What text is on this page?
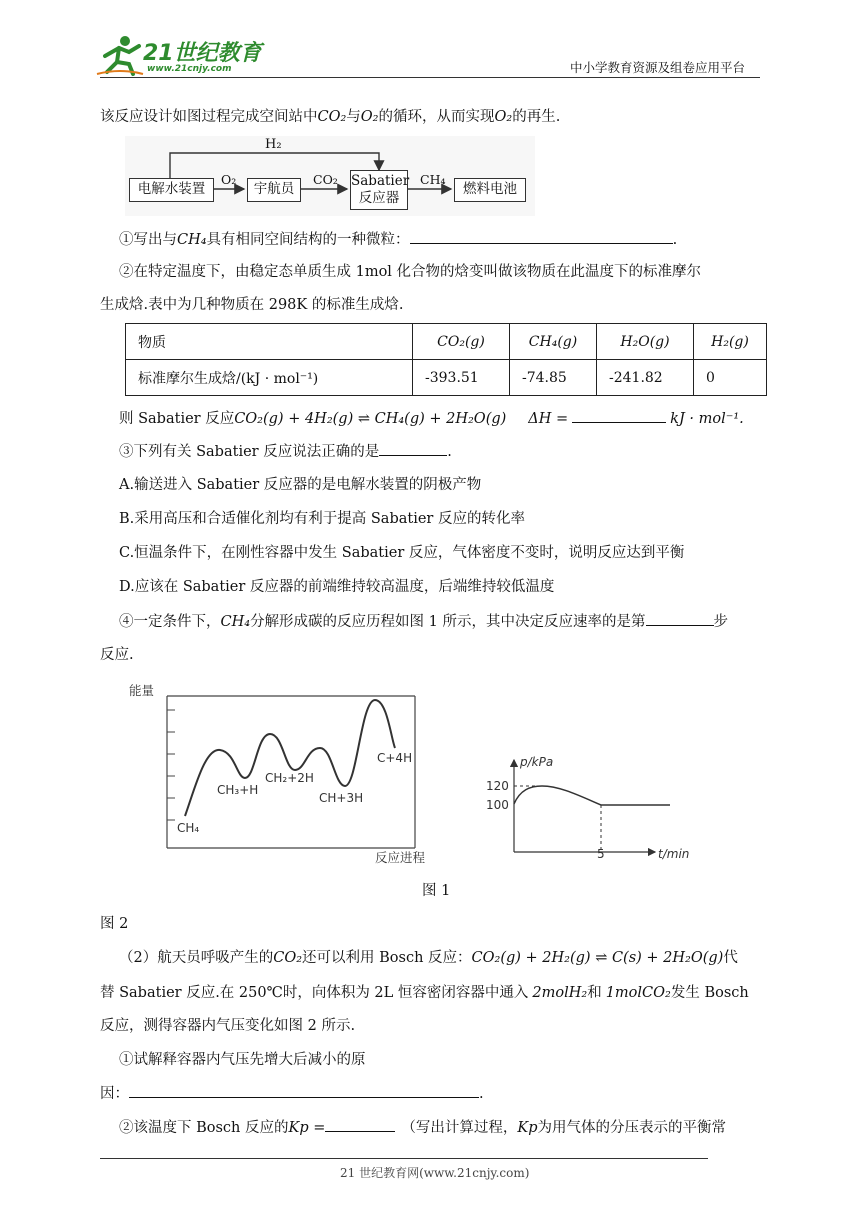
21世纪教育
www.21cnjy.com	中小学教育资源及组卷应用平台
该反应设计如图过程完成空间站中CO₂与O₂的循环，从而实现O₂的再生.
H₂
电解水装置
O₂
宇航员
CO₂ Sabatier
反应器
CH₄
燃料电池
①写出与CH₄具有相同空间结构的一种微粒：	.
②在特定温度下，由稳定态单质生成 1mol 化合物的焓变叫做该物质在此温度下的标准摩尔
生成焓.表中为几种物质在 298K 的标准生成焓.
物质	CO₂(g)	CH₄(g)	H₂O(g)	H₂(g)
标准摩尔生成焓/(kJ · mol⁻¹)	-393.51	-74.85	-241.82	0
则 Sabatier 反应CO₂(g) + 4H₂(g) ⇌ CH₄(g) + 2H₂O(g) ΔH =	kJ · mol⁻¹.
③下列有关 Sabatier 反应说法正确的是	.
A.输送进入 Sabatier 反应器的是电解水装置的阴极产物
B.采用高压和合适催化剂均有利于提高 Sabatier 反应的转化率
C.恒温条件下，在刚性容器中发生 Sabatier 反应，气体密度不变时，说明反应达到平衡
D.应该在 Sabatier 反应器的前端维持较高温度，后端维持较低温度
④一定条件下，CH₄分解形成碳的反应历程如图 1 所示，其中决定反应速率的是第	步
反应.
能量
CH₄
CH₃+H
CH₂+2H
CH+3H
C+4H
反应进程
p/kPa
120
100
5	t/min
图 1
图 2
（2）航天员呼吸产生的CO₂还可以利用 Bosch 反应：CO₂(g) + 2H₂(g) ⇌ C(s) + 2H₂O(g)代
替 Sabatier 反应.在 250℃时，向体积为 2L 恒容密闭容器中通入 2molH₂和 1molCO₂发生 Bosch
反应，测得容器内气压变化如图 2 所示.
①试解释容器内气压先增大后减小的原
因：	.
②该温度下 Bosch 反应的Kp =	（写出计算过程，Kp为用气体的分压表示的平衡常
21 世纪教育网(www.21cnjy.com)
